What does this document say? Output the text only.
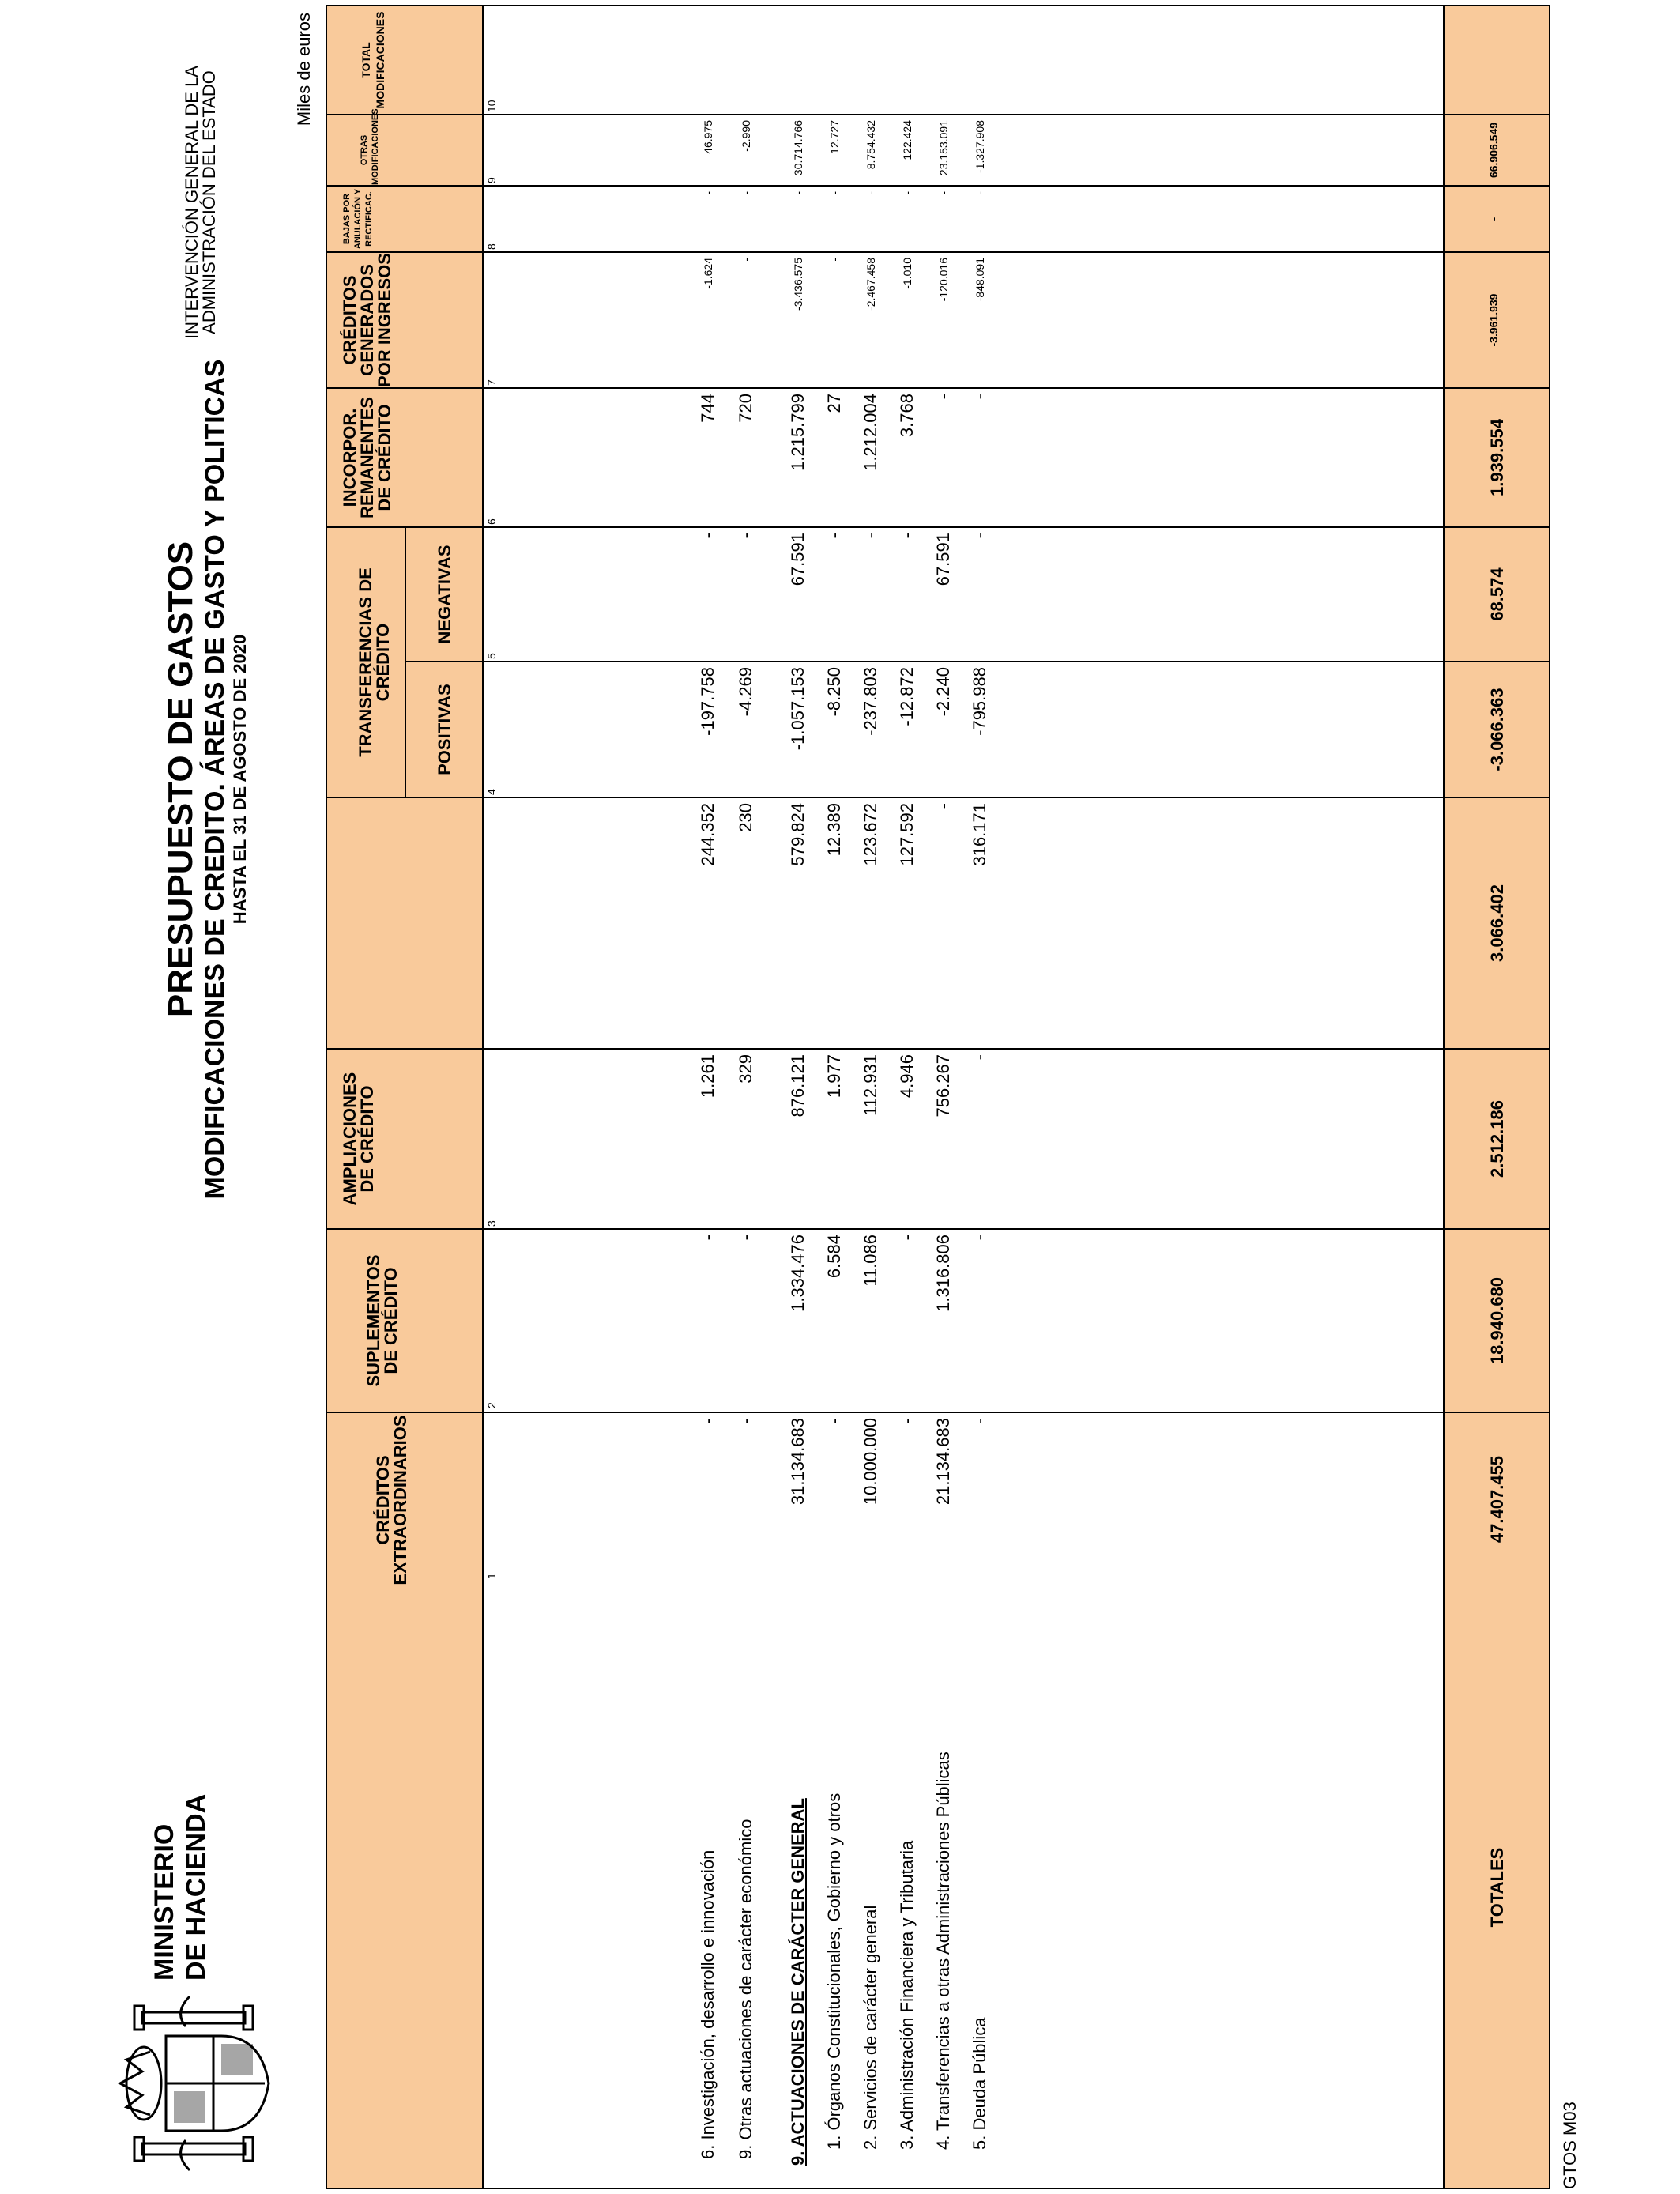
MINISTERIO DE HACIENDA
PRESUPUESTO DE GASTOS MODIFICACIONES DE CREDITO. ÁREAS DE GASTO Y POLITICAS HASTA EL 31 DE AGOSTO DE 2020
INTERVENCIÓN GENERAL DE LA
ADMINISTRACIÓN DEL ESTADO
Miles de euros
CRÉDITOS
EXTRAORDINARIOS
SUPLEMENTOS
DE CRÉDITO
AMPLIACIONES
DE CRÉDITO
TRANSFERENCIAS DE
CRÉDITO
POSITIVAS
NEGATIVAS
INCORPOR.
REMANENTES
DE CRÉDITO
CRÉDITOS
GENERADOS
POR INGRESOS
BAJAS POR ANULACIÓN Y RECTIFICAC.
OTRAS MODIFICACIONES
TOTAL MODIFICACIONES
1
2
3
4
5
6
7
8
9
10
6. Investigación, desarrollo e innovación
-
-
1.261
244.352
-197.758
-
744
-1.624
-
46.975
9. Otras actuaciones de carácter económico
-
-
329
230
-4.269
-
720
-
-
-2.990
9. ACTUACIONES DE CARÁCTER GENERAL
31.134.683
1.334.476
876.121
579.824
-1.057.153
67.591
1.215.799
-3.436.575
-
30.714.766
1. Órganos Constitucionales, Gobierno y otros
-
6.584
1.977
12.389
-8.250
-
27
-
-
12.727
2. Servicios de carácter general
10.000.000
11.086
112.931
123.672
-237.803
-
1.212.004
-2.467.458
-
8.754.432
3. Administración Financiera y Tributaria
-
-
4.946
127.592
-12.872
-
3.768
-1.010
-
122.424
4. Transferencias a otras Administraciones Públicas
21.134.683
1.316.806
756.267
-
-2.240
67.591
-
-120.016
-
23.153.091
5. Deuda Pública
-
-
-
316.171
-795.988
-
-
-848.091
-
-1.327.908
TOTALES
47.407.455
18.940.680
2.512.186
3.066.402
-3.066.363
68.574
1.939.554
-3.961.939
-
66.906.549
GTOS M03
